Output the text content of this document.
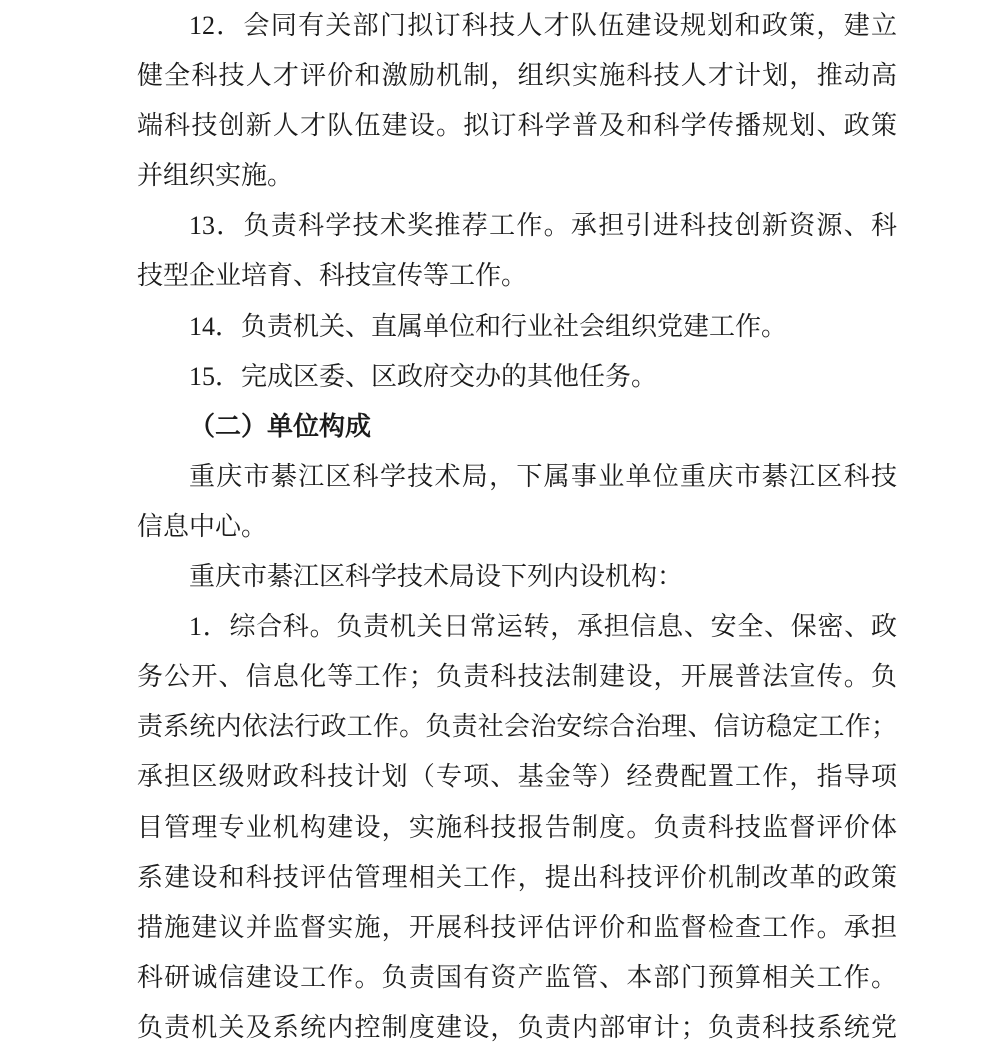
12．会同有关部门拟订科技人才队伍建设规划和政策，建立
健全科技人才评价和激励机制，组织实施科技人才计划，推动高
端科技创新人才队伍建设。拟订科学普及和科学传播规划、政策
并组织实施。
13．负责科学技术奖推荐工作。承担引进科技创新资源、科
技型企业培育、科技宣传等工作。
14．负责机关、直属单位和行业社会组织党建工作。
15．完成区委、区政府交办的其他任务。
（二）单位构成
重庆市綦江区科学技术局，下属事业单位重庆市綦江区科技
信息中心。
重庆市綦江区科学技术局设下列内设机构：
1．综合科。负责机关日常运转，承担信息、安全、保密、政
务公开、信息化等工作；负责科技法制建设，开展普法宣传。负
责系统内依法行政工作。负责社会治安综合治理、信访稳定工作；
承担区级财政科技计划（专项、基金等）经费配置工作，指导项
目管理专业机构建设，实施科技报告制度。负责科技监督评价体
系建设和科技评估管理相关工作，提出科技评价机制改革的政策
措施建议并监督实施，开展科技评估评价和监督检查工作。承担
科研诚信建设工作。负责国有资产监管、本部门预算相关工作。
负责机关及系统内控制度建设，负责内部审计；负责科技系统党
